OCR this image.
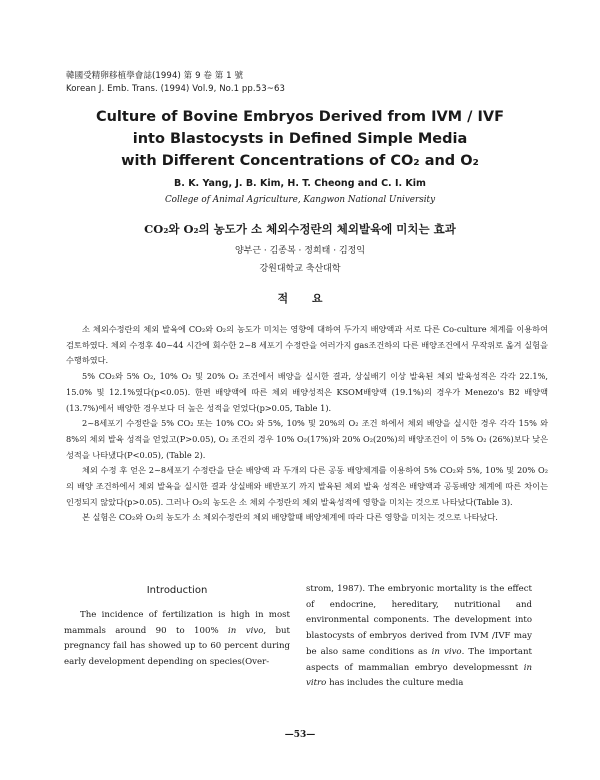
韓國受精卵移植學會誌(1994) 第 9 卷 第 1 號
Korean J. Emb. Trans. (1994) Vol.9, No.1 pp.53~63
Culture of Bovine Embryos Derived from IVM / IVF
into Blastocysts in Defined Simple Media
with Different Concentrations of CO₂ and O₂
B. K. Yang, J. B. Kim, H. T. Cheong and C. I. Kim
College of Animal Agriculture, Kangwon National University
CO₂와 O₂의 농도가 소 체외수정란의 체외발육에 미치는 효과
양부근 · 김종복 · 정희태 · 김정익
강원대학교 축산대학
적 요

소 체외수정란의 체외 발육에 CO₂와 O₂의 농도가 미치는 영향에 대하여 두가지 배양액과 서로 다른 Co-culture 체계를 이용하여 검토하였다. 체외 수정후 40~44 시간에 회수한 2~8 세포기 수정란을 여러가지 gas조건하의 다른 배양조건에서 무작위로 옮겨 실험을 수행하였다.

5% CO₂와 5% O₂, 10% O₂ 및 20% O₂ 조건에서 배양을 실시한 결과, 상실배기 이상 발육된 체외 발육성적은 각각 22.1%, 15.0% 및 12.1%였다(p<0.05). 한편 배양액에 따른 체외 배양성적은 KSOM배양액 (19.1%)의 경우가 Menezo's B2 배양액(13.7%)에서 배양한 경우보다 더 높은 성적을 얻었다(p>0.05, Table 1).

2~8세포기 수정란을 5% CO₂ 또는 10% CO₂ 와 5%, 10% 및 20%의 O₂ 조건 하에서 체외 배양을 실시한 경우 각각 15% 와 8%의 체외 발육 성적을 얻었고(P>0.05), O₂ 조건의 경우 10% O₂(17%)와 20% O₂(20%)의 배양조건이 이 5% O₂ (26%)보다 낮은 성적을 나타냈다(P<0.05), (Table 2).

체외 수정 후 얻은 2~8세포기 수정란을 단순 배양액 과 두개의 다른 공동 배양체계를 이용하여 5% CO₂와 5%, 10% 및 20% O₂의 배양 조건하에서 체외 발육을 실시한 결과 상실배와 배반포기 까지 발육된 체외 발육 성적은 배양액과 공동배양 체계에 따른 차이는 인정되지 않았다(p>0.05). 그러나 O₂의 농도은 소 체외 수정란의 체외 발육성적에 영향을 미치는 것으로 나타났다(Table 3).

본 실험은 CO₂와 O₂의 농도가 소 체외수정란의 체외 배양할때 배양체계에 따라 다른 영향을 미치는 것으로 나타났다.

Introduction

The incidence of fertilization is high in most mammals around 90 to 100% in vivo, but pregnancy fail has showed up to 60 percent during early development depending on species(Over-

strom, 1987). The embryonic mortality is the effect of endocrine, hereditary, nutritional and environmental components. The development into blastocysts of embryos derived from IVM /IVF may be also same conditions as in vivo. The important aspects of mammalian embryo developmessnt in vitro has includes the culture media

—53—
